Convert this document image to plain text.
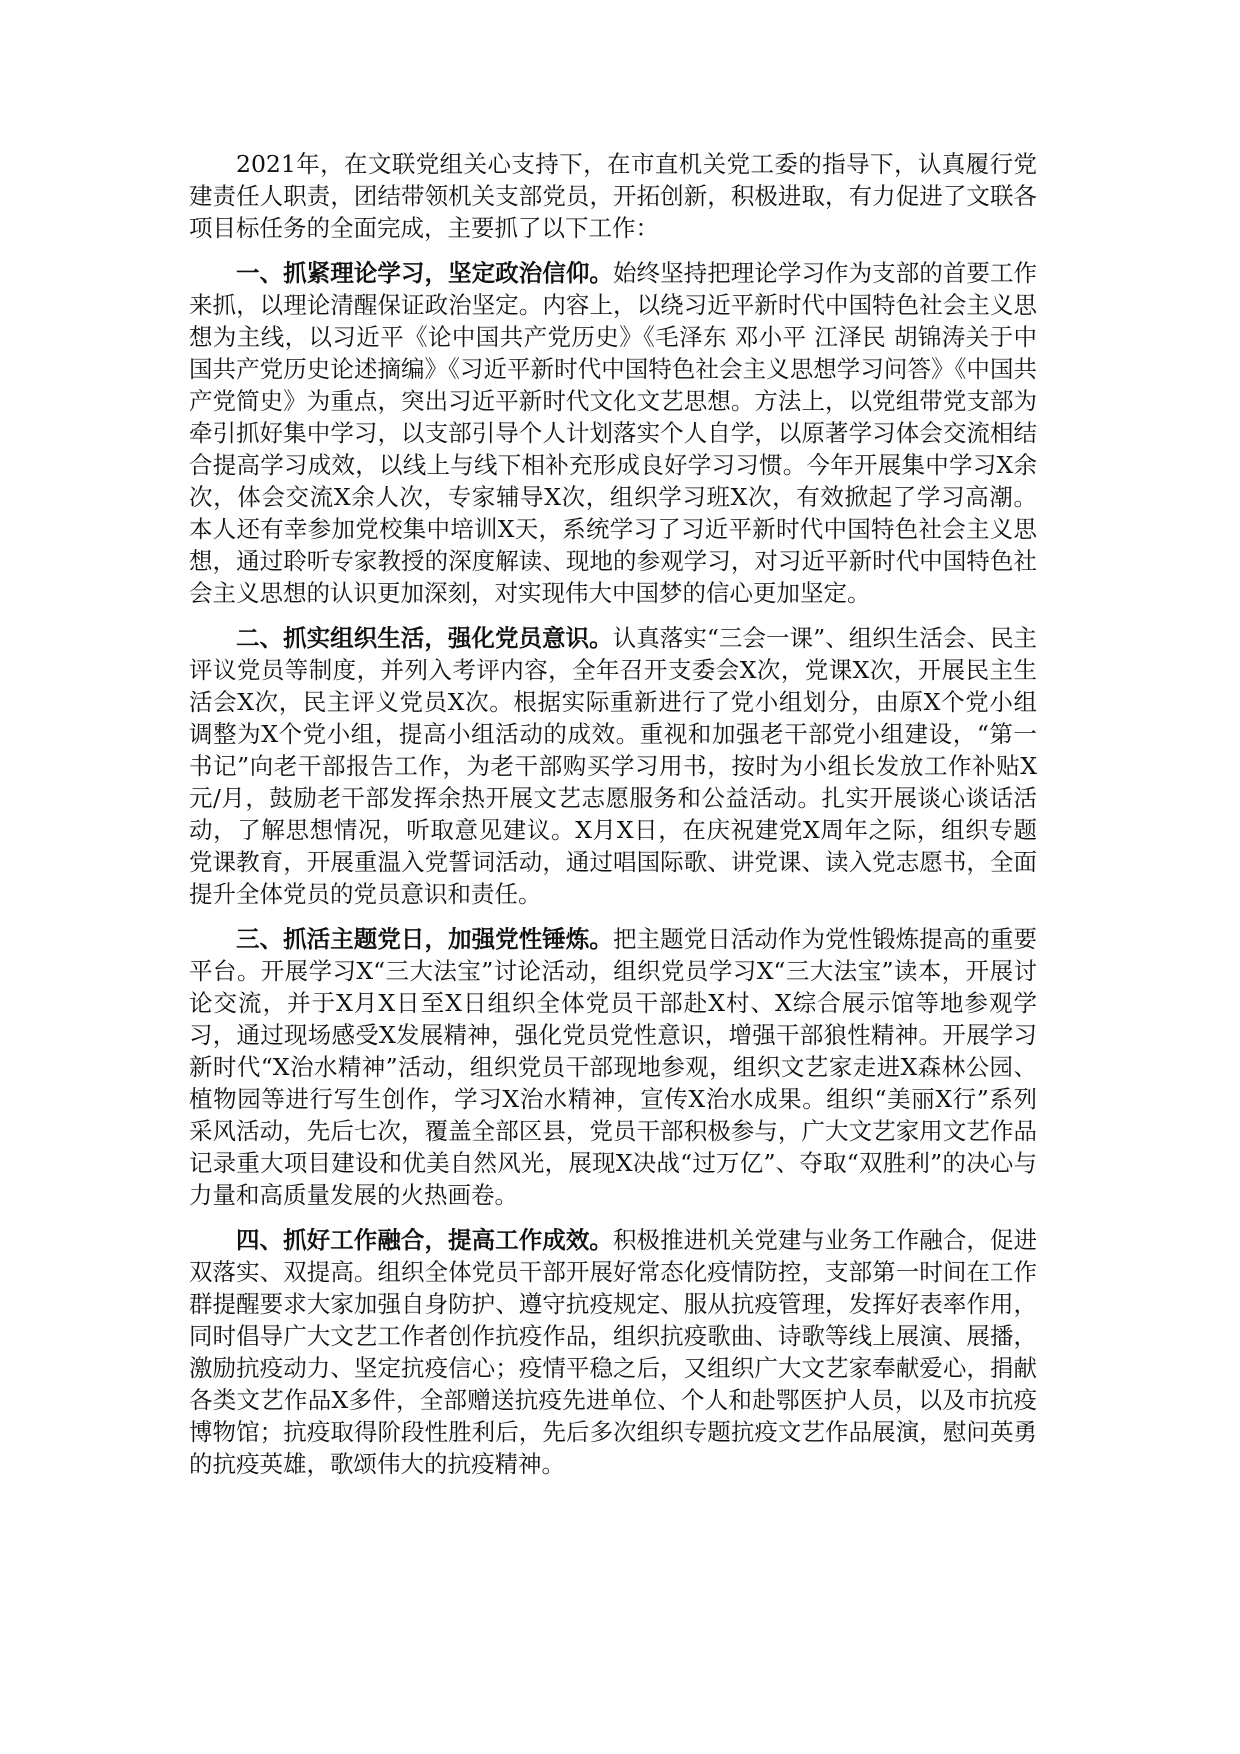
2021年，在文联党组关心支持下，在市直机关党工委的指导下，认真履行党建责任人职责，团结带领机关支部党员，开拓创新，积极进取，有力促进了文联各项目标任务的全面完成，主要抓了以下工作：

一、抓紧理论学习，坚定政治信仰。始终坚持把理论学习作为支部的首要工作来抓，以理论清醒保证政治坚定。内容上，以绕习近平新时代中国特色社会主义思想为主线，以习近平《论中国共产党历史》《毛泽东 邓小平 江泽民 胡锦涛关于中国共产党历史论述摘编》《习近平新时代中国特色社会主义思想学习问答》《中国共产党简史》为重点，突出习近平新时代文化文艺思想。方法上，以党组带党支部为牵引抓好集中学习，以支部引导个人计划落实个人自学，以原著学习体会交流相结合提高学习成效，以线上与线下相补充形成良好学习习惯。今年开展集中学习X余次，体会交流X余人次，专家辅导X次，组织学习班X次，有效掀起了学习高潮。本人还有幸参加党校集中培训X天，系统学习了习近平新时代中国特色社会主义思想，通过聆听专家教授的深度解读、现地的参观学习，对习近平新时代中国特色社会主义思想的认识更加深刻，对实现伟大中国梦的信心更加坚定。

二、抓实组织生活，强化党员意识。认真落实“三会一课”、组织生活会、民主评议党员等制度，并列入考评内容，全年召开支委会X次，党课X次，开展民主生活会X次，民主评义党员X次。根据实际重新进行了党小组划分，由原X个党小组调整为X个党小组，提高小组活动的成效。重视和加强老干部党小组建设，“第一书记”向老干部报告工作，为老干部购买学习用书，按时为小组长发放工作补贴X元/月，鼓励老干部发挥余热开展文艺志愿服务和公益活动。扎实开展谈心谈话活动，了解思想情况，听取意见建议。X月X日，在庆祝建党X周年之际，组织专题党课教育，开展重温入党誓词活动，通过唱国际歌、讲党课、读入党志愿书，全面提升全体党员的党员意识和责任。

三、抓活主题党日，加强党性锤炼。把主题党日活动作为党性锻炼提高的重要平台。开展学习X“三大法宝”讨论活动，组织党员学习X“三大法宝”读本，开展讨论交流，并于X月X日至X日组织全体党员干部赴X村、X综合展示馆等地参观学习，通过现场感受X发展精神，强化党员党性意识，增强干部狼性精神。开展学习新时代“X治水精神”活动，组织党员干部现地参观，组织文艺家走进X森林公园、植物园等进行写生创作，学习X治水精神，宣传X治水成果。组织“美丽X行”系列采风活动，先后七次，覆盖全部区县，党员干部积极参与，广大文艺家用文艺作品记录重大项目建设和优美自然风光，展现X决战“过万亿”、夺取“双胜利”的决心与力量和高质量发展的火热画卷。

四、抓好工作融合，提高工作成效。积极推进机关党建与业务工作融合，促进双落实、双提高。组织全体党员干部开展好常态化疫情防控，支部第一时间在工作群提醒要求大家加强自身防护、遵守抗疫规定、服从抗疫管理，发挥好表率作用，同时倡导广大文艺工作者创作抗疫作品，组织抗疫歌曲、诗歌等线上展演、展播，激励抗疫动力、坚定抗疫信心；疫情平稳之后，又组织广大文艺家奉献爱心，捐献各类文艺作品X多件，全部赠送抗疫先进单位、个人和赴鄂医护人员，以及市抗疫博物馆；抗疫取得阶段性胜利后，先后多次组织专题抗疫文艺作品展演，慰问英勇的抗疫英雄，歌颂伟大的抗疫精神。
